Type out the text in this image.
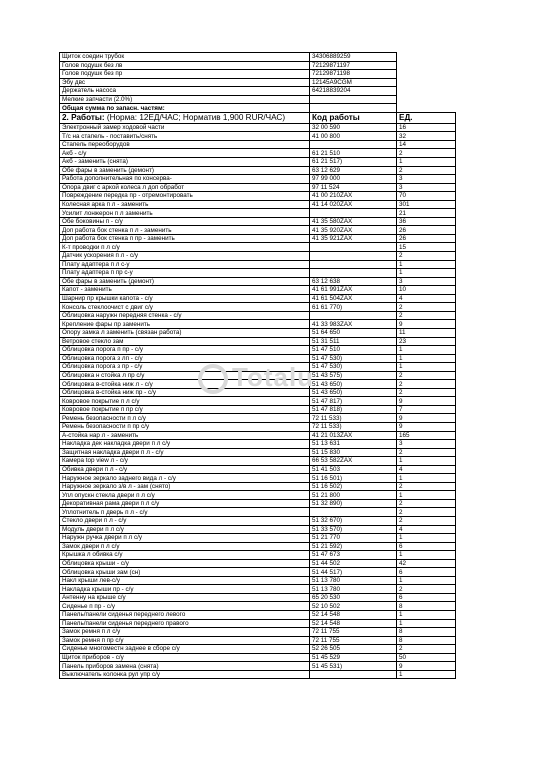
Щиток соедин трубок	34306889259	
Голов подушк без лв	72129871197	
Голов подушк без пр	72129871198	
Эбу двс	12145A9CGM	
Держатель насоса	64218839204	
Мелкие запчасти (2.0%)		
Общая сумма по запасн. частям:		
2. Работы: (Норма: 12ЕД/ЧАС; Норматив 1,900 RUR/ЧАС)	Код работы	ЕД.
Электронный замер ходовой части	32 00 590	16
Т/с на стапель - поставить/снять	41 00 800	32
Стапель переоборудов		14
Акб - с/у	61 21 510	2
Акб - заменить (снята)	61 21 517)	1
Обе фары в заменить (демонт)	63 12 629	2
Работа дополнительная по консерва-	97 99 000	3
Опора двиг с аркой колеса л доп обработ	97 11 524	3
Повреждение передка пр - отремонтировать	41 00 210ZAX	70
Колесная арка п л - заменить	41 14 020ZAX	301
Усилит лонжерон п л заменить		21
Обе боковины п - с/у	41 35 580ZAX	36
Доп работа бок стенка п л - заменить	41 35 920ZAX	26
Доп работа бок стенка п пр - заменить	41 35 921ZAX	26
К-т проводки п л с/у		15
Датчик ускорения п л - с/у		2
Плату адаптера п л с-у		1
Плату адаптера п пр с-у		1
Обе фары в заменить (демонт)	63 12 638	3
Капот - заменить	41 61 991ZAX	10
Шарнир пр крышки капота - с/у	41 61 504ZAX	4
Консоль стеклоочист с двиг с/у	61 61 770)	2
Облицовка наружн передняя стенка - с/у		2
Крепление фары пр заменить	41 33 983ZAX	9
Опору замка л заменить (связан работа)	51 64 650	11
Ветровое стекло зам	51 31 511	23
Облицовка порога п пр - с/у	51 47 510	1
Облицовка порога з лп - с/у	51 47 530)	1
Облицовка порога з пр - с/у	51 47 530)	1
Облицовка н стойка л пр с/у	51 43 575)	2
Облицовка в-стойка ниж л - с/у	51 43 650)	2
Облицовка в-стойка ниж пр - с/у	51 43 650)	2
Ковровое покрытие п л с/у	51 47 817)	9
Ковровое покрытие п пр с/у	51 47 818)	7
Ремень безопасности п л с/у	72 11 533)	9
Ремень безопасности п пр с/у	72 11 533)	9
А-стойка нар л - заменить	41 21 013ZAX	165
Накладка дек накладка двери п л с/у	51 13 631	3
Защитная накладка двери п л - с/у	51 15 830	2
Камера top view л - с/у	66 53 582ZAX	1
Обивка двери п л - с/у	51 41 503	4
Наружное зеркало заднего вида л - с/у	51 16 501)	1
Наружное зеркало з/в л - зам (снято)	51 16 502)	2
Упл опускн стекла двери п л с/у	51 21 800	1
Декоративная рама двери п л с/у	51 32 890)	2
Уплотнитель п дверь п л - с/у		2
Стекло двери п л - с/у	51 32 670)	2
Модуль двери п л с/у	51 33 570)	4
Наружн ручка двери п л с/у	51 21 770	1
Замок двери п л с/у	51 21 592)	6
Крышка л обивка с/у	51 47 673	1
Облицовка крыши - с/у	51 44 502	42
Облицовка крыши зам (сн)	51 44 517)	6
Накл крыши лев-с/у	51 13 780	1
Накладка крыши пр - с/у	51 13 780	2
Антенну на крыше с/у	65 20 530	6
Сиденье п пр - с/у	52 10 502	8
Панель/панели сиденья переднего левого	52 14 548	1
Панель/панели сиденья переднего правого	52 14 548	1
Замок ремня п л с/у	72 11 755	8
Замок ремня п пр с/у	72 11 755	8
Сиденье многоместн заднее в сборе с/у	52 26 505	2
Щиток приборов - с/у	51 45 529	50
Панель приборов замена (снята)	51 45 531)	9
Выключатель колонка рул упр с/у		1
Totalu
